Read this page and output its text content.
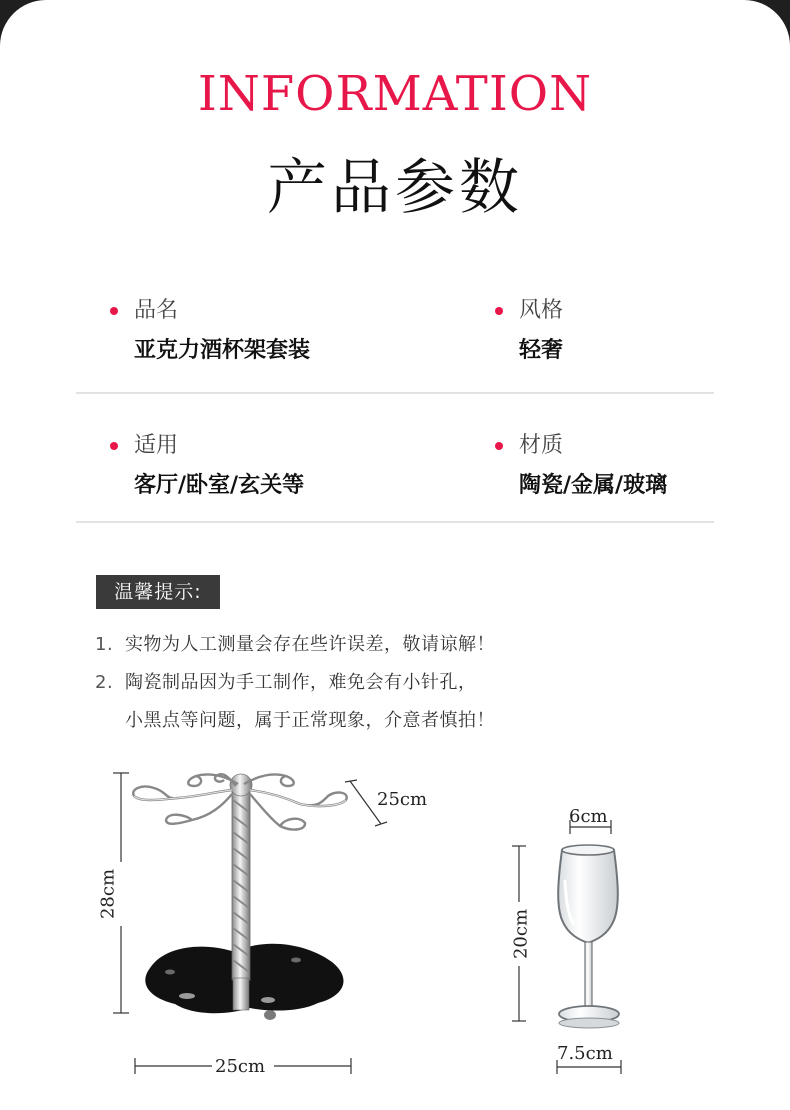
INFORMATION
产品参数
品名
亚克力酒杯架套装
风格
轻奢
适用
客厅/卧室/玄关等
材质
陶瓷/金属/玻璃
温馨提示:
1. 实物为人工测量会存在些许误差，敬请谅解！
2. 陶瓷制品因为手工制作，难免会有小针孔，
小黑点等问题，属于正常现象，介意者慎拍！
28cm
25cm
25cm
6cm
20cm
7.5cm
